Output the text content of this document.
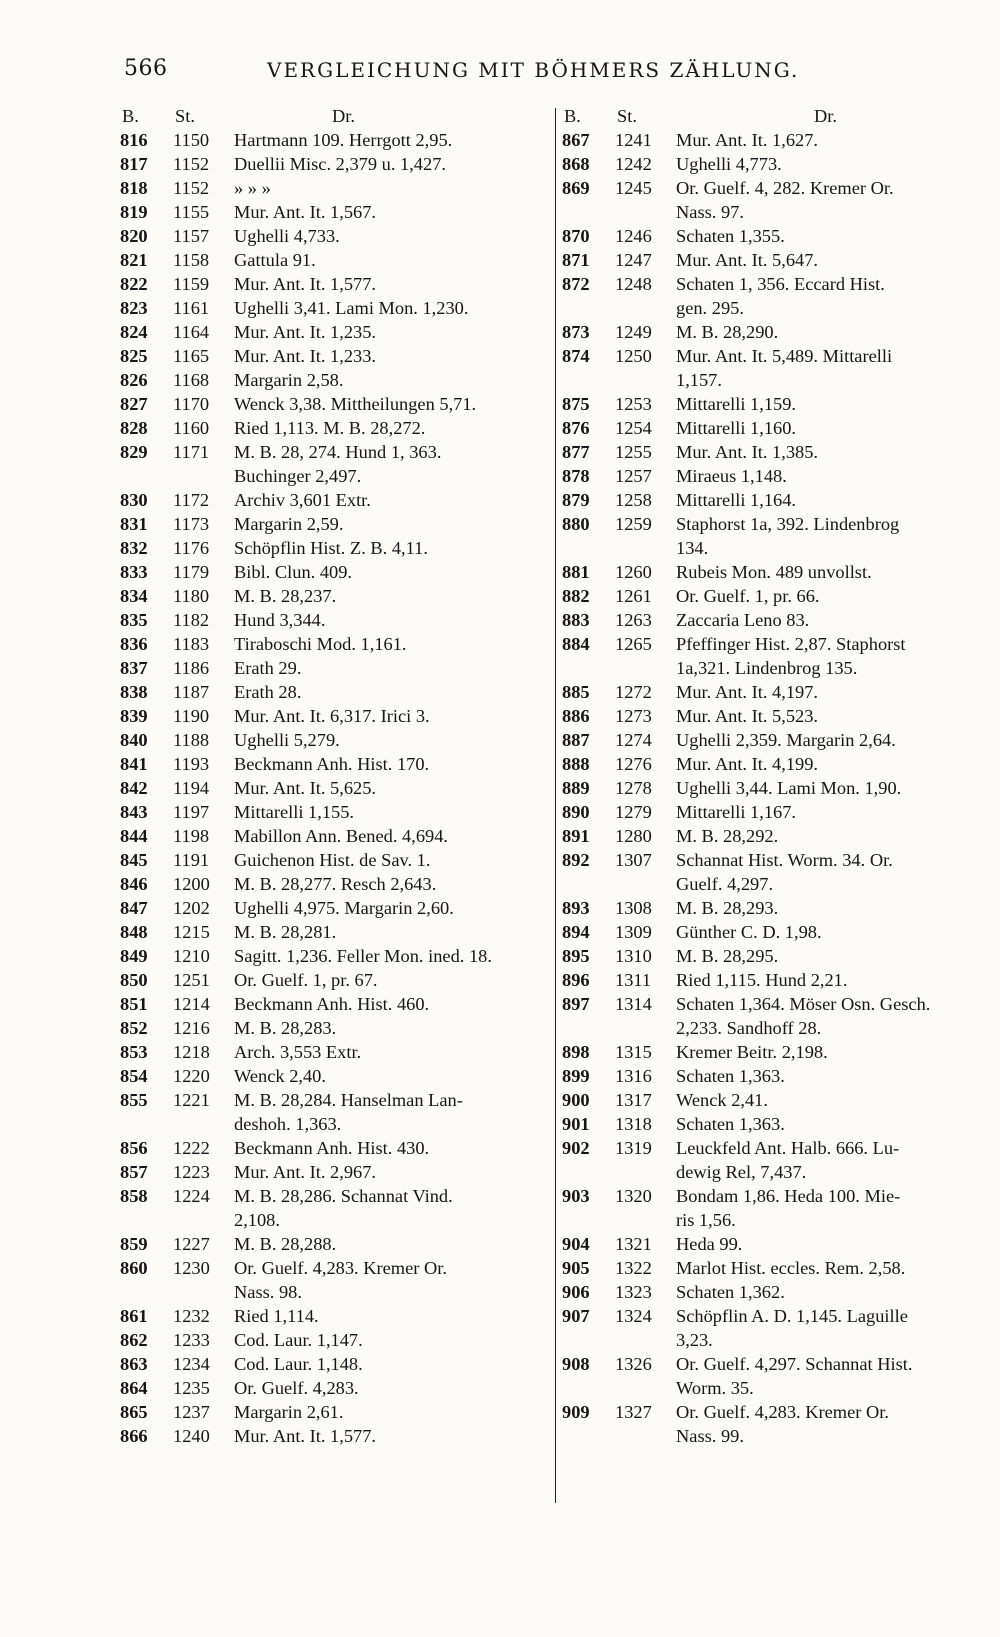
566	VERGLEICHUNG MIT BÖHMERS ZÄHLUNG.
B.	St.	Dr.
816	1150	Hartmann 109. Herrgott 2,95.
817	1152	Duellii Misc. 2,379 u. 1,427.
818	1152	» » »
819	1155	Mur. Ant. It. 1,567.
820	1157	Ughelli 4,733.
821	1158	Gattula 91.
822	1159	Mur. Ant. It. 1,577.
823	1161	Ughelli 3,41. Lami Mon. 1,230.
824	1164	Mur. Ant. It. 1,235.
825	1165	Mur. Ant. It. 1,233.
826	1168	Margarin 2,58.
827	1170	Wenck 3,38. Mittheilungen 5,71.
828	1160	Ried 1,113. M. B. 28,272.
829	1171	M. B. 28, 274. Hund 1, 363.
Buchinger 2,497.
830	1172	Archiv 3,601 Extr.
831	1173	Margarin 2,59.
832	1176	Schöpflin Hist. Z. B. 4,11.
833	1179	Bibl. Clun. 409.
834	1180	M. B. 28,237.
835	1182	Hund 3,344.
836	1183	Tiraboschi Mod. 1,161.
837	1186	Erath 29.
838	1187	Erath 28.
839	1190	Mur. Ant. It. 6,317. Irici 3.
840	1188	Ughelli 5,279.
841	1193	Beckmann Anh. Hist. 170.
842	1194	Mur. Ant. It. 5,625.
843	1197	Mittarelli 1,155.
844	1198	Mabillon Ann. Bened. 4,694.
845	1191	Guichenon Hist. de Sav. 1.
846	1200	M. B. 28,277. Resch 2,643.
847	1202	Ughelli 4,975. Margarin 2,60.
848	1215	M. B. 28,281.
849	1210	Sagitt. 1,236. Feller Mon. ined. 18.
850	1251	Or. Guelf. 1, pr. 67.
851	1214	Beckmann Anh. Hist. 460.
852	1216	M. B. 28,283.
853	1218	Arch. 3,553 Extr.
854	1220	Wenck 2,40.
855	1221	M. B. 28,284. Hanselman Lan-
deshoh. 1,363.
856	1222	Beckmann Anh. Hist. 430.
857	1223	Mur. Ant. It. 2,967.
858	1224	M. B. 28,286. Schannat Vind.
2,108.
859	1227	M. B. 28,288.
860	1230	Or. Guelf. 4,283. Kremer Or.
Nass. 98.
861	1232	Ried 1,114.
862	1233	Cod. Laur. 1,147.
863	1234	Cod. Laur. 1,148.
864	1235	Or. Guelf. 4,283.
865	1237	Margarin 2,61.
866	1240	Mur. Ant. It. 1,577.
B.	St.	Dr.
867	1241	Mur. Ant. It. 1,627.
868	1242	Ughelli 4,773.
869	1245	Or. Guelf. 4, 282. Kremer Or.
Nass. 97.
870	1246	Schaten 1,355.
871	1247	Mur. Ant. It. 5,647.
872	1248	Schaten 1, 356. Eccard Hist.
gen. 295.
873	1249	M. B. 28,290.
874	1250	Mur. Ant. It. 5,489. Mittarelli
1,157.
875	1253	Mittarelli 1,159.
876	1254	Mittarelli 1,160.
877	1255	Mur. Ant. It. 1,385.
878	1257	Miraeus 1,148.
879	1258	Mittarelli 1,164.
880	1259	Staphorst 1a, 392. Lindenbrog
134.
881	1260	Rubeis Mon. 489 unvollst.
882	1261	Or. Guelf. 1, pr. 66.
883	1263	Zaccaria Leno 83.
884	1265	Pfeffinger Hist. 2,87. Staphorst
1a,321. Lindenbrog 135.
885	1272	Mur. Ant. It. 4,197.
886	1273	Mur. Ant. It. 5,523.
887	1274	Ughelli 2,359. Margarin 2,64.
888	1276	Mur. Ant. It. 4,199.
889	1278	Ughelli 3,44. Lami Mon. 1,90.
890	1279	Mittarelli 1,167.
891	1280	M. B. 28,292.
892	1307	Schannat Hist. Worm. 34. Or.
Guelf. 4,297.
893	1308	M. B. 28,293.
894	1309	Günther C. D. 1,98.
895	1310	M. B. 28,295.
896	1311	Ried 1,115. Hund 2,21.
897	1314	Schaten 1,364. Möser Osn. Gesch.
2,233. Sandhoff 28.
898	1315	Kremer Beitr. 2,198.
899	1316	Schaten 1,363.
900	1317	Wenck 2,41.
901	1318	Schaten 1,363.
902	1319	Leuckfeld Ant. Halb. 666. Lu-
dewig Rel, 7,437.
903	1320	Bondam 1,86. Heda 100. Mie-
ris 1,56.
904	1321	Heda 99.
905	1322	Marlot Hist. eccles. Rem. 2,58.
906	1323	Schaten 1,362.
907	1324	Schöpflin A. D. 1,145. Laguille
3,23.
908	1326	Or. Guelf. 4,297. Schannat Hist.
Worm. 35.
909	1327	Or. Guelf. 4,283. Kremer Or.
Nass. 99.
